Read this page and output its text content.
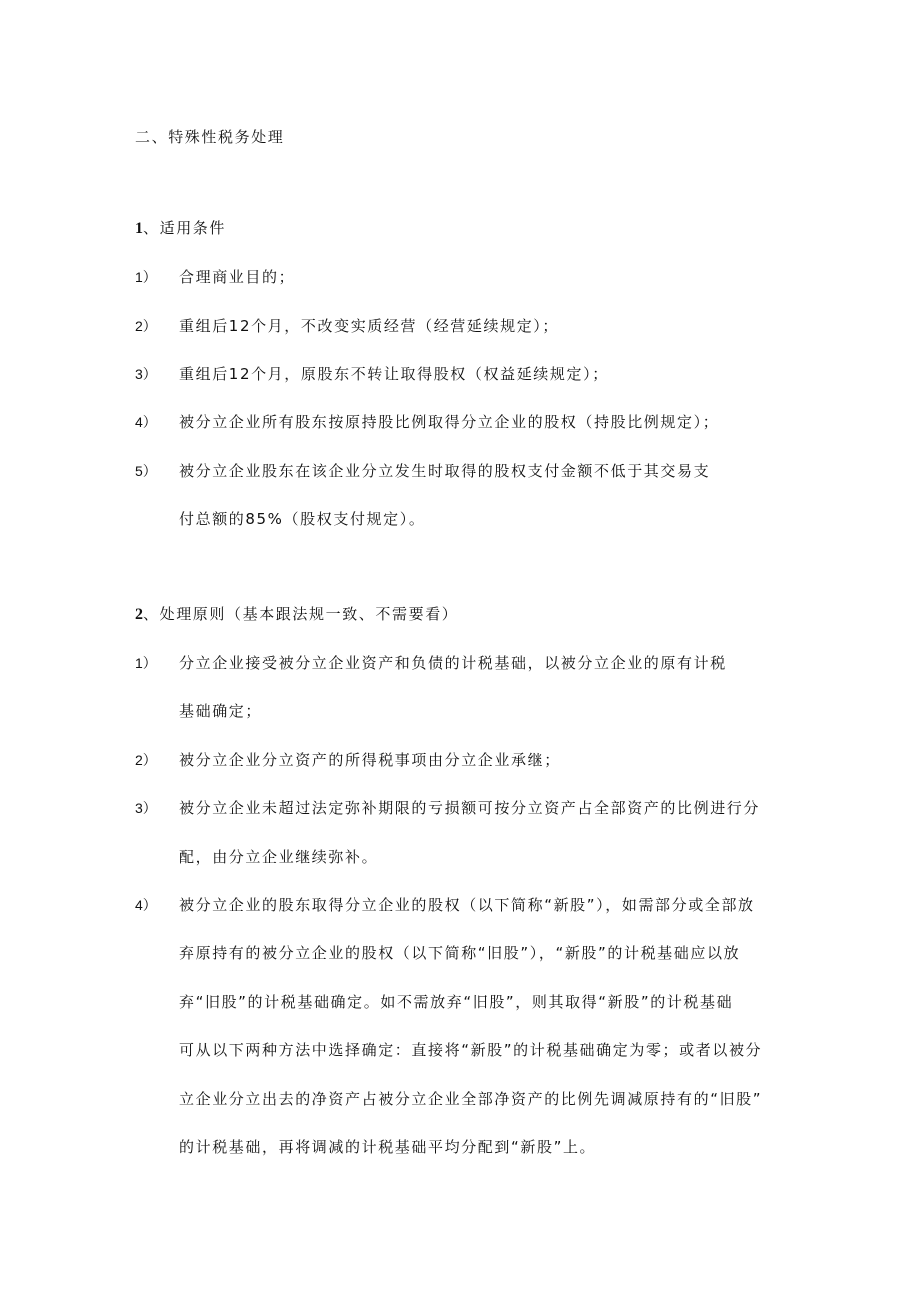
二、特殊性税务处理
1、适用条件
1） 合理商业目的；
2） 重组后12个月，不改变实质经营（经营延续规定）；
3） 重组后12个月，原股东不转让取得股权（权益延续规定）；
4） 被分立企业所有股东按原持股比例取得分立企业的股权（持股比例规定）；
5） 被分立企业股东在该企业分立发生时取得的股权支付金额不低于其交易支
付总额的85%（股权支付规定）。
2、处理原则（基本跟法规一致、不需要看）
1） 分立企业接受被分立企业资产和负债的计税基础，以被分立企业的原有计税
基础确定；
2） 被分立企业分立资产的所得税事项由分立企业承继；
3） 被分立企业未超过法定弥补期限的亏损额可按分立资产占全部资产的比例进行分
配，由分立企业继续弥补。
4） 被分立企业的股东取得分立企业的股权（以下简称“新股”），如需部分或全部放
弃原持有的被分立企业的股权（以下简称“旧股”），“新股”的计税基础应以放
弃“旧股”的计税基础确定。如不需放弃“旧股”，则其取得“新股”的计税基础
可从以下两种方法中选择确定：直接将“新股”的计税基础确定为零；或者以被分
立企业分立出去的净资产占被分立企业全部净资产的比例先调减原持有的“旧股”
的计税基础，再将调减的计税基础平均分配到“新股”上。
